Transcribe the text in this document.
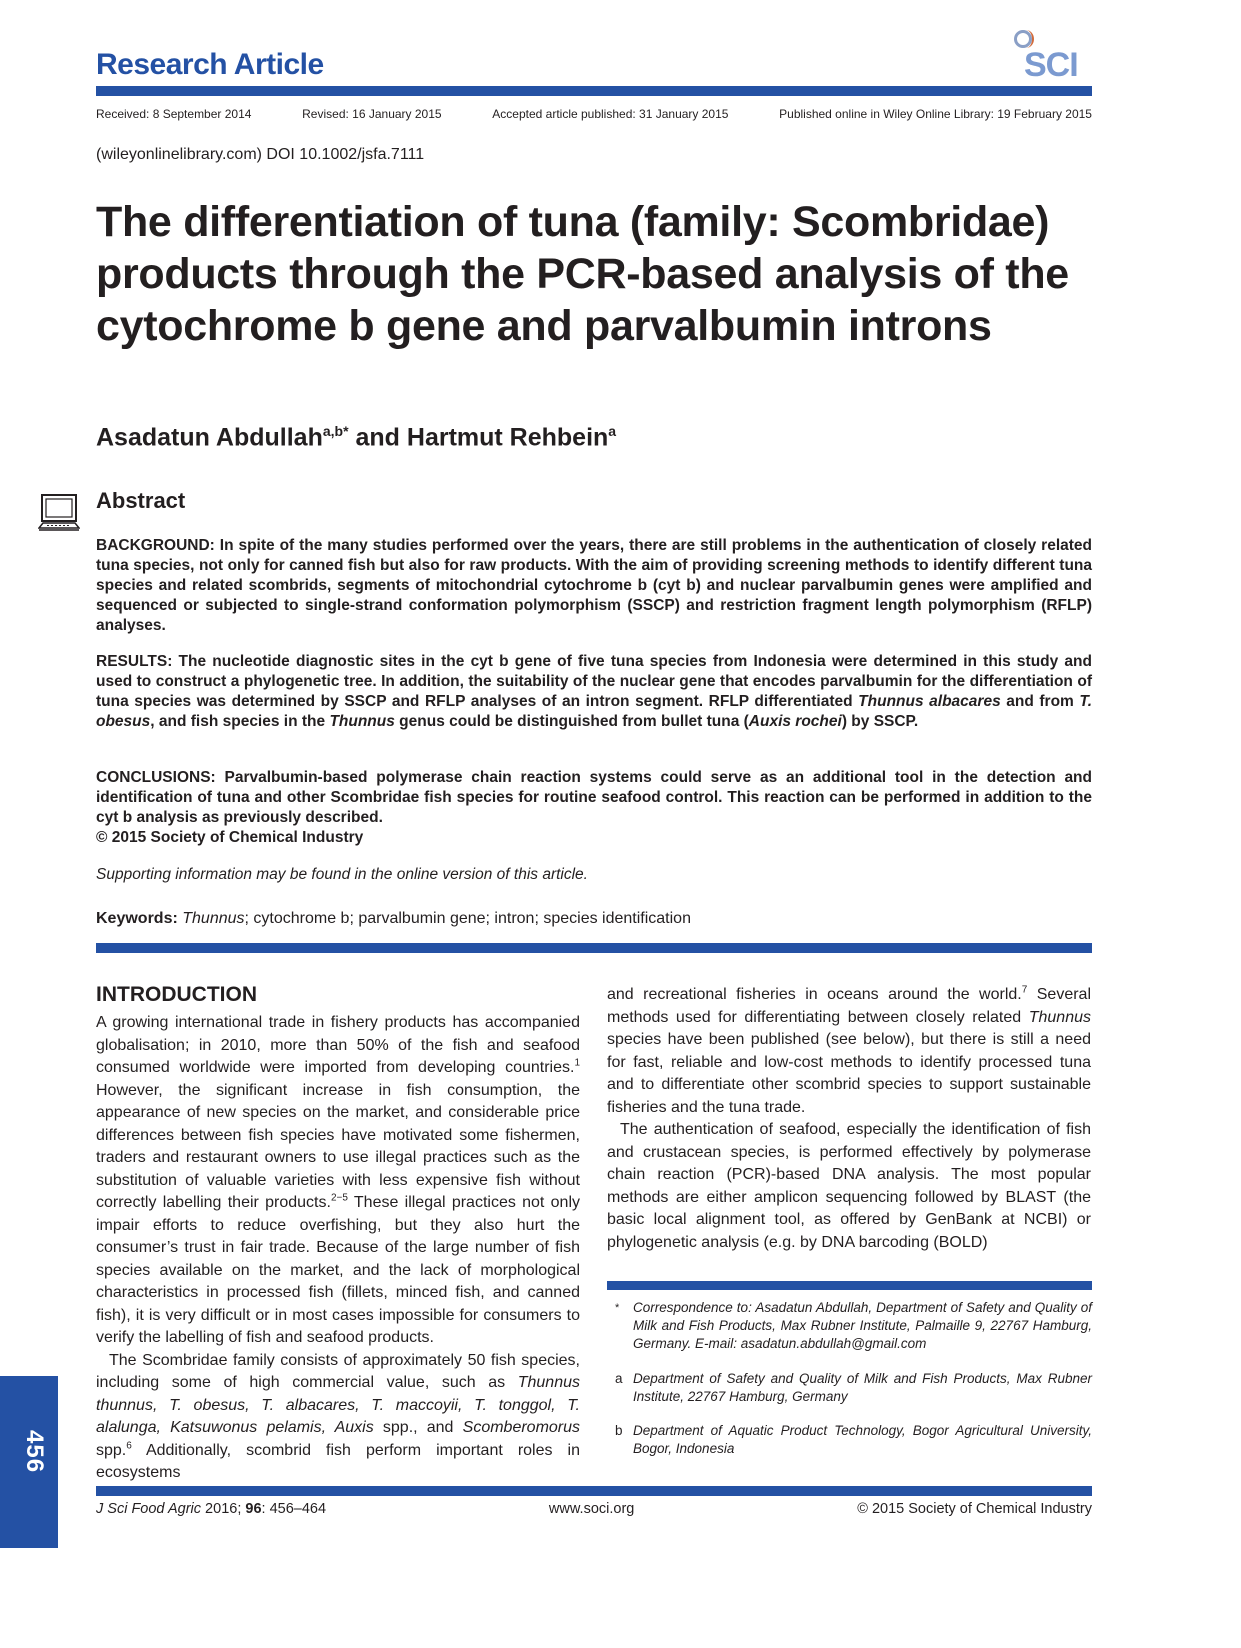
Research Article	SCI
Received: 8 September 2014	Revised: 16 January 2015	Accepted article published: 31 January 2015	Published online in Wiley Online Library: 19 February 2015
(wileyonlinelibrary.com) DOI 10.1002/jsfa.7111
The differentiation of tuna (family: Scombridae) products through the PCR-based analysis of the cytochrome b gene and parvalbumin introns
Asadatun Abdullah$^{a,b*}$ and Hartmut Rehbein$^a$
Abstract
BACKGROUND: In spite of the many studies performed over the years, there are still problems in the authentication of closely related tuna species, not only for canned fish but also for raw products. With the aim of providing screening methods to identify different tuna species and related scombrids, segments of mitochondrial cytochrome b (cyt b) and nuclear parvalbumin genes were amplified and sequenced or subjected to single-strand conformation polymorphism (SSCP) and restriction fragment length polymorphism (RFLP) analyses.
RESULTS: The nucleotide diagnostic sites in the cyt b gene of five tuna species from Indonesia were determined in this study and used to construct a phylogenetic tree. In addition, the suitability of the nuclear gene that encodes parvalbumin for the differentiation of tuna species was determined by SSCP and RFLP analyses of an intron segment. RFLP differentiated Thunnus albacares and from T. obesus, and fish species in the Thunnus genus could be distinguished from bullet tuna (Auxis rochei) by SSCP.
CONCLUSIONS: Parvalbumin-based polymerase chain reaction systems could serve as an additional tool in the detection and identification of tuna and other Scombridae fish species for routine seafood control. This reaction can be performed in addition to the cyt b analysis as previously described.
© 2015 Society of Chemical Industry
Supporting information may be found in the online version of this article.
Keywords: Thunnus; cytochrome b; parvalbumin gene; intron; species identification
INTRODUCTION
A growing international trade in fishery products has accompanied globalisation; in 2010, more than 50% of the fish and seafood consumed worldwide were imported from developing countries.$^1$ However, the significant increase in fish consumption, the appearance of new species on the market, and considerable price differences between fish species have motivated some fishermen, traders and restaurant owners to use illegal practices such as the substitution of valuable varieties with less expensive fish without correctly labelling their products.$^{2-5}$ These illegal practices not only impair efforts to reduce overfishing, but they also hurt the consumer’s trust in fair trade. Because of the large number of fish species available on the market, and the lack of morphological characteristics in processed fish (fillets, minced fish, and canned fish), it is very difficult or in most cases impossible for consumers to verify the labelling of fish and seafood products.
The Scombridae family consists of approximately 50 fish species, including some of high commercial value, such as Thunnus thunnus, T. obesus, T. albacares, T. maccoyii, T. tonggol, T. alalunga, Katsuwonus pelamis, Auxis spp., and Scomberomorus spp.$^6$ Additionally, scombrid fish perform important roles in ecosystems
and recreational fisheries in oceans around the world.$^7$ Several methods used for differentiating between closely related Thunnus species have been published (see below), but there is still a need for fast, reliable and low-cost methods to identify processed tuna and to differentiate other scombrid species to support sustainable fisheries and the tuna trade.
The authentication of seafood, especially the identification of fish and crustacean species, is performed effectively by polymerase chain reaction (PCR)-based DNA analysis. The most popular methods are either amplicon sequencing followed by BLAST (the basic local alignment tool, as offered by GenBank at NCBI) or phylogenetic analysis (e.g. by DNA barcoding (BOLD)
*	Correspondence to: Asadatun Abdullah, Department of Safety and Quality of Milk and Fish Products, Max Rubner Institute, Palmaille 9, 22767 Hamburg, Germany. E-mail: asadatun.abdullah@gmail.com
a Department of Safety and Quality of Milk and Fish Products, Max Rubner Institute, 22767 Hamburg, Germany
b Department of Aquatic Product Technology, Bogor Agricultural University, Bogor, Indonesia
456
J Sci Food Agric 2016; 96: 456–464	www.soci.org	© 2015 Society of Chemical Industry
